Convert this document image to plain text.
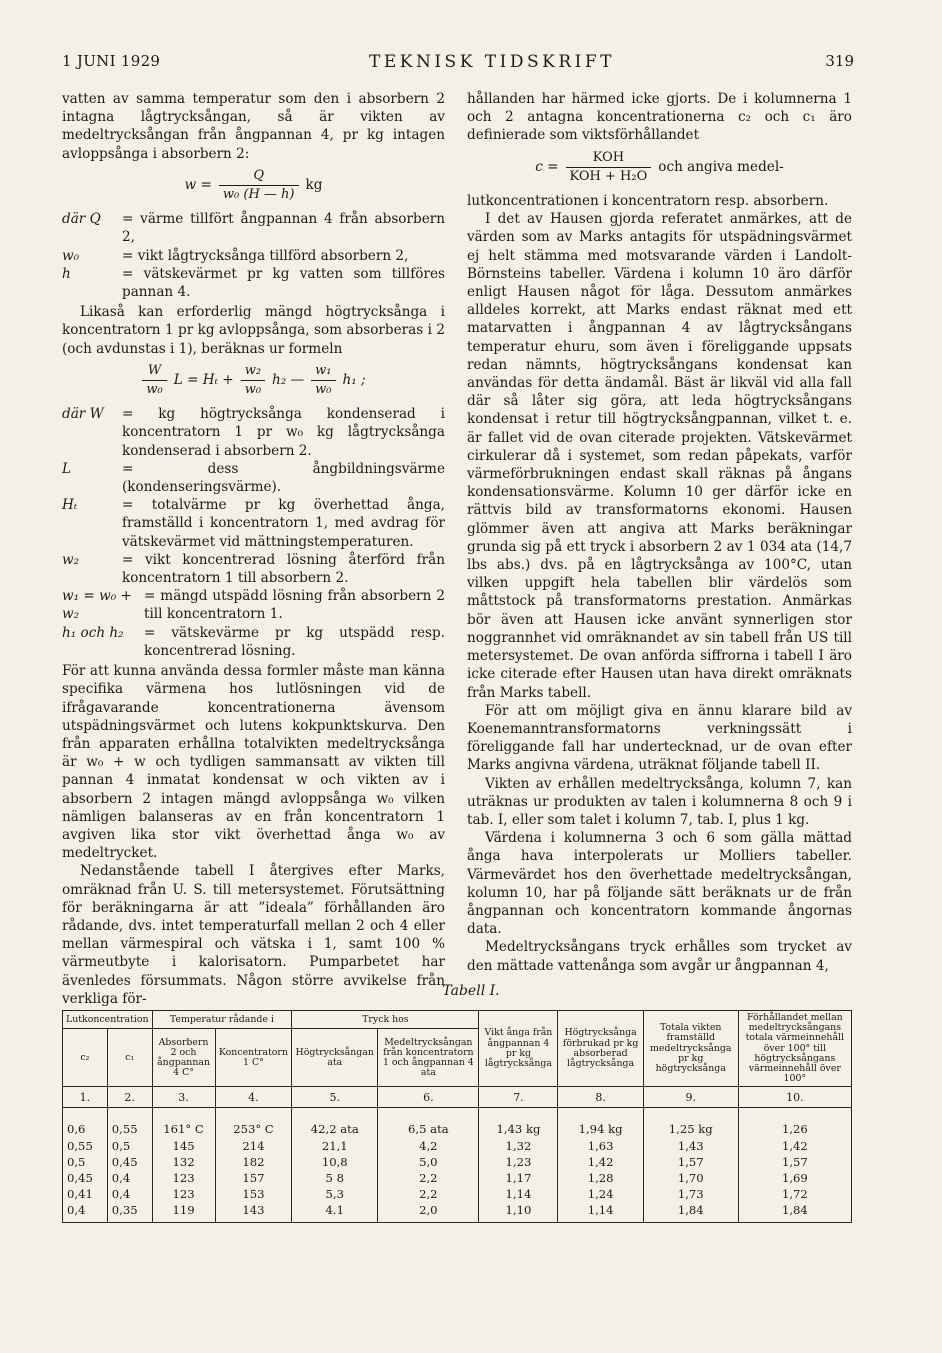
1 JUNI 1929	TEKNISK TIDSKRIFT	319

vatten av samma temperatur som den i absorbern 2 intagna lågtrycksångan, så är vikten av medeltrycksångan från ångpannan 4, pr kg intagen avloppsånga i absorbern 2:

$w = \frac{Q}{\text{w₀ (H — h)}}$ kg
där Q	= värme tillfört ångpannan 4 från absorbern 2,
w₀	= vikt lågtrycksånga tillförd absorbern 2,
h	= vätskevärmet pr kg vatten som tillföres pannan 4.

Likaså kan erforderlig mängd högtrycksånga i koncentratorn 1 pr kg avloppsånga, som absorberas i 2 (och avdunstas i 1), beräknas ur formeln

$\frac{W}{\text{w₀}}$ $L = H_t + \frac{\text{w₂}}{\text{w₀}} h_2$ — $\frac{\text{w₁}}{\text{w₀}} h_1$ ;
där W	= kg högtrycksånga kondenserad i koncentratorn 1 pr w₀ kg lågtrycksånga kondenserad i absorbern 2.
L	= dess ångbildningsvärme (kondenseringsvärme).
Hₜ	= totalvärme pr kg överhettad ånga, framställd i koncentratorn 1, med avdrag för vätskevärmet vid mättningstemperaturen.
w₂	= vikt koncentrerad lösning återförd från koncentratorn 1 till absorbern 2.
w₁ = w₀ + w₂
= mängd utspädd lösning från absorbern 2 till koncentratorn 1.
h₁ och h₂	= vätskevärme pr kg utspädd resp. koncentrerad lösning.

För att kunna använda dessa formler måste man känna specifika värmena hos lutlösningen vid de ifrågavarande koncentrationerna ävensom utspädningsvärmet och lutens kokpunktskurva. Den från apparaten erhållna totalvikten medeltrycksånga är w₀ + w och tydligen sammansatt av vikten till pannan 4 inmatat kondensat w och vikten av i absorbern 2 intagen mängd avloppsånga w₀ vilken nämligen balanseras av en från koncentratorn 1 avgiven lika stor vikt överhettad ånga w₀ av medeltrycket.

Nedanstående tabell I återgives efter Marks, omräknad från U. S. till metersystemet. Förutsättning för beräkningarna är att ”ideala” förhållanden äro rådande, dvs. intet temperaturfall mellan 2 och 4 eller mellan värmespiral och vätska i 1, samt 100 % värmeutbyte i kalorisatorn. Pumparbetet har ävenledes försummats. Någon större avvikelse från verkliga för-

hållanden har härmed icke gjorts. De i kolumnerna 1 och 2 antagna koncentrationerna c₂ och c₁ äro definierade som viktsförhållandet

$c = \frac{\text{KOH}}{\text{KOH + H₂O}}$ och angiva medel-

lutkoncentrationen i koncentratorn resp. absorbern.

I det av Hausen gjorda referatet anmärkes, att de värden som av Marks antagits för utspädningsvärmet ej helt stämma med motsvarande värden i Landolt-Börnsteins tabeller. Värdena i kolumn 10 äro därför enligt Hausen något för låga. Dessutom anmärkes alldeles korrekt, att Marks endast räknat med ett matarvatten i ångpannan 4 av lågtrycksångans temperatur ehuru, som även i föreliggande uppsats redan nämnts, högtrycksångans kondensat kan användas för detta ändamål. Bäst är likväl vid alla fall där så låter sig göra, att leda högtrycksångans kondensat i retur till högtrycksångpannan, vilket t. e. är fallet vid de ovan citerade projekten. Vätskevärmet cirkulerar då i systemet, som redan påpekats, varför värmeförbrukningen endast skall räknas på ångans kondensationsvärme. Kolumn 10 ger därför icke en rättvis bild av transformatorns ekonomi. Hausen glömmer även att angiva att Marks beräkningar grunda sig på ett tryck i absorbern 2 av 1 034 ata (14,7 lbs abs.) dvs. på en lågtrycksånga av 100°C, utan vilken uppgift hela tabellen blir värdelös som måttstock på transformatorns prestation. Anmärkas bör även att Hausen icke använt synnerligen stor noggrannhet vid omräknandet av sin tabell från US till metersystemet. De ovan anförda siffrorna i tabell I äro icke citerade efter Hausen utan hava direkt omräknats från Marks tabell.

För att om möjligt giva en ännu klarare bild av Koenemanntransformatorns verkningssätt i föreliggande fall har undertecknad, ur de ovan efter Marks angivna värdena, uträknat följande tabell II.

Vikten av erhållen medeltrycksånga, kolumn 7, kan uträknas ur produkten av talen i kolumnerna 8 och 9 i tab. I, eller som talet i kolumn 7, tab. I, plus 1 kg.

Värdena i kolumnerna 3 och 6 som gälla mättad ånga hava interpolerats ur Molliers tabeller. Värmevärdet hos den överhettade medeltrycksångan, kolumn 10, har på följande sätt beräknats ur de från ångpannan och koncentratorn kommande ångornas data.

Medeltrycksångans tryck erhålles som trycket av den mättade vattenånga som avgår ur ångpannan 4,

Tabell I.
Lutkoncentration		Temperatur rådande i		Tryck hos		Vikt ånga från ångpannan 4 pr kg lågtrycksånga	Högtrycksånga förbrukad pr kg absorberad lågtrycksånga	Totala vikten framställd medeltrycksånga pr kg högtrycksånga	Förhållandet mellan medeltrycksångans totala värmeinnehåll över 100° till högtrycksångans värmeinnehåll över 100°
c₂	c₁	Absorbern 2 och ångpannan 4 C°	Koncentratorn 1 C°	Högtrycksångan ata	Medeltrycksångan från koncentratorn 1 och ångpannan 4 ata				
1.	2.	3.	4.	5.	6.	7.	8.	9.	10.
0,6	0,55	161° C	253° C	42,2 ata	6,5 ata	1,43 kg	1,94 kg	1,25 kg	1,26
0,55	0,5	145	214	21,1	4,2	1,32	1,63	1,43	1,42
0,5	0,45	132	182	10,8	5,0	1,23	1,42	1,57	1,57
0,45	0,4	123	157	5 8	2,2	1,17	1,28	1,70	1,69
0,41	0,4	123	153	5,3	2,2	1,14	1,24	1,73	1,72
0,4	0,35	119	143	4.1	2,0	1,10	1,14	1,84	1,84
